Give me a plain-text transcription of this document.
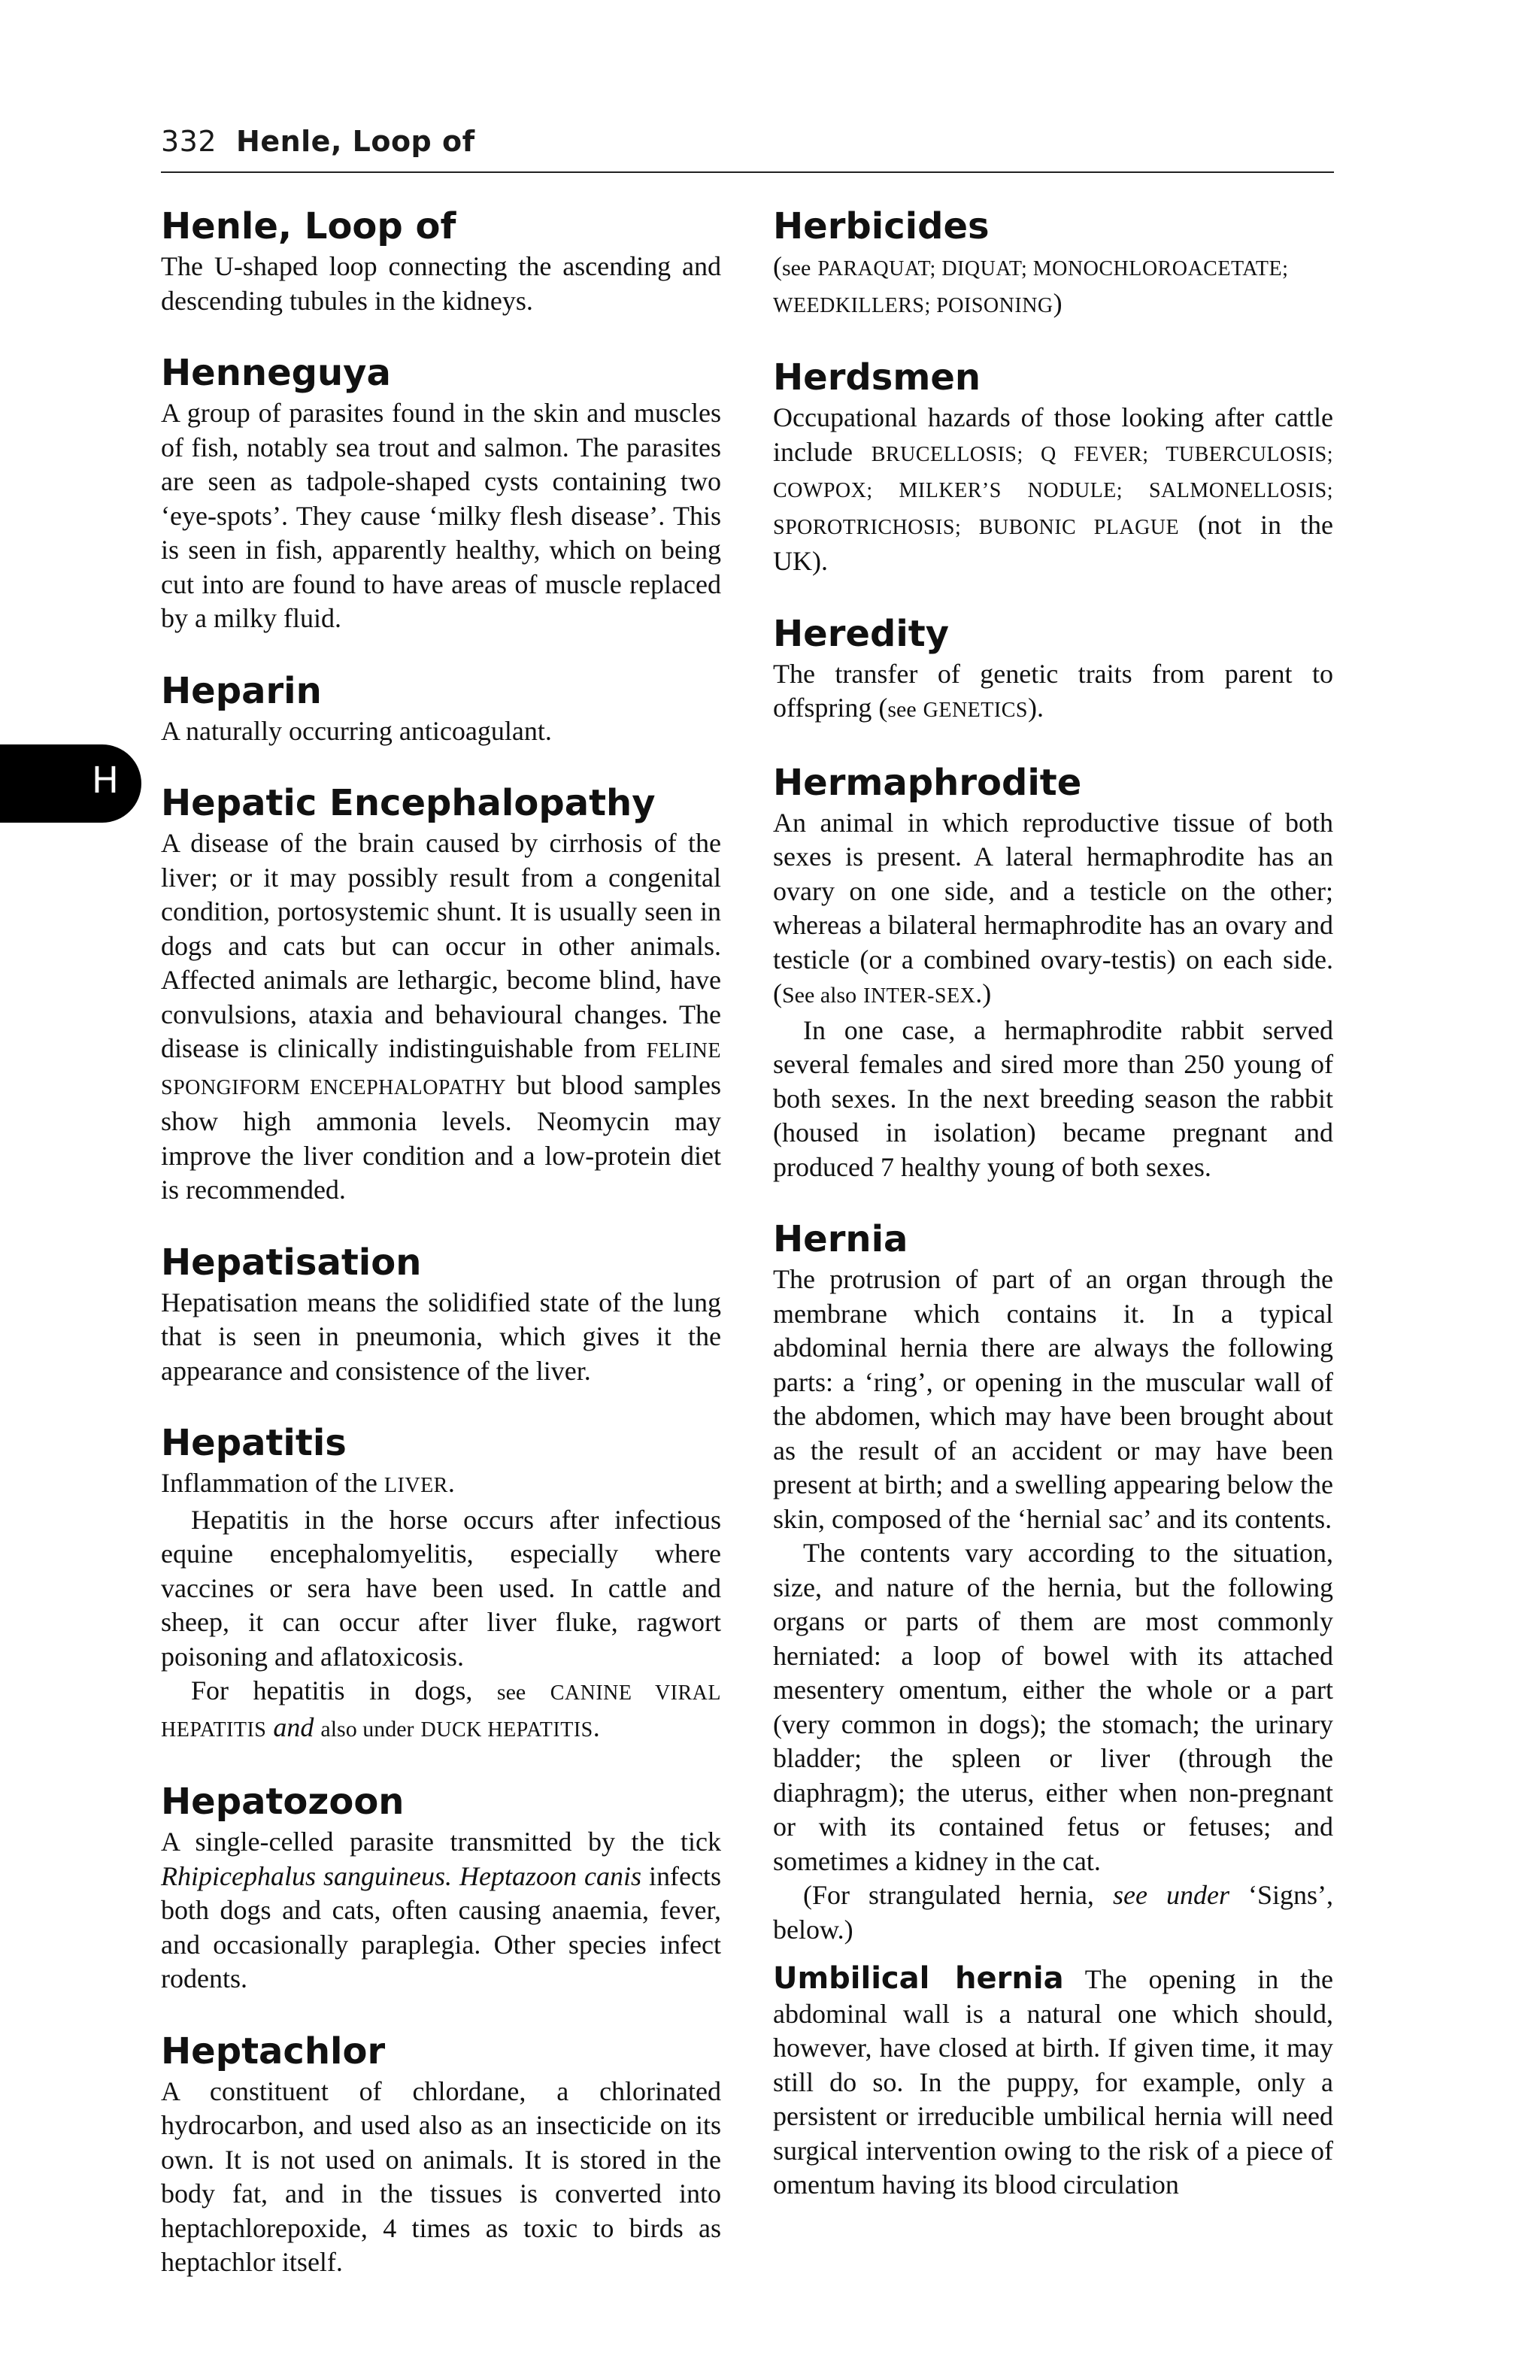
332 Henle, Loop of
H
Henle, Loop of

The U-shaped loop connecting the ascending and descending tubules in the kidneys.

Henneguya

A group of parasites found in the skin and muscles of fish, notably sea trout and salmon. The parasites are seen as tadpole-shaped cysts containing two ‘eye-spots’. They cause ‘milky flesh disease’. This is seen in fish, apparently healthy, which on being cut into are found to have areas of muscle replaced by a milky fluid.

Heparin

A naturally occurring anticoagulant.

Hepatic Encephalopathy

A disease of the brain caused by cirrhosis of the liver; or it may possibly result from a congenital condition, portosystemic shunt. It is usually seen in dogs and cats but can occur in other animals. Affected animals are lethargic, become blind, have convulsions, ataxia and behavioural changes. The disease is clinically indistinguishable from FELINE SPONGIFORM ENCEPHALOPATHY but blood samples show high ammonia levels. Neomycin may improve the liver condition and a low-protein diet is recommended.

Hepatisation

Hepatisation means the solidified state of the lung that is seen in pneumonia, which gives it the appearance and consistence of the liver.

Hepatitis

Inflammation of the LIVER.

Hepatitis in the horse occurs after infectious equine encephalomyelitis, especially where vaccines or sera have been used. In cattle and sheep, it can occur after liver fluke, ragwort poisoning and aflatoxicosis.

For hepatitis in dogs, see CANINE VIRAL HEPATITIS and also under DUCK HEPATITIS.

Hepatozoon

A single-celled parasite transmitted by the tick Rhipicephalus sanguineus. Heptazoon canis infects both dogs and cats, often causing anaemia, fever, and occasionally paraplegia. Other species infect rodents.

Heptachlor

A constituent of chlordane, a chlorinated hydrocarbon, and used also as an insecticide on its own. It is not used on animals. It is stored in the body fat, and in the tissues is converted into heptachlorepoxide, 4 times as toxic to birds as heptachlor itself.

Herbicides

(see PARAQUAT; DIQUAT; MONOCHLOROACETATE; WEEDKILLERS; POISONING)

Herdsmen

Occupational hazards of those looking after cattle include BRUCELLOSIS; Q FEVER; TUBERCULOSIS; COWPOX; MILKER’S NODULE; SALMONELLOSIS; SPOROTRICHOSIS; BUBONIC PLAGUE (not in the UK).

Heredity

The transfer of genetic traits from parent to offspring (see GENETICS).

Hermaphrodite

An animal in which reproductive tissue of both sexes is present. A lateral hermaphrodite has an ovary on one side, and a testicle on the other; whereas a bilateral hermaphrodite has an ovary and testicle (or a combined ovary-testis) on each side. (See also INTER-SEX.)

In one case, a hermaphrodite rabbit served several females and sired more than 250 young of both sexes. In the next breeding season the rabbit (housed in isolation) became pregnant and produced 7 healthy young of both sexes.

Hernia

The protrusion of part of an organ through the membrane which contains it. In a typical abdominal hernia there are always the following parts: a ‘ring’, or opening in the muscular wall of the abdomen, which may have been brought about as the result of an accident or may have been present at birth; and a swelling appearing below the skin, composed of the ‘hernial sac’ and its contents.

The contents vary according to the situation, size, and nature of the hernia, but the following organs or parts of them are most commonly herniated: a loop of bowel with its attached mesentery omentum, either the whole or a part (very common in dogs); the stomach; the urinary bladder; the spleen or liver (through the diaphragm); the uterus, either when non-pregnant or with its contained fetus or fetuses; and sometimes a kidney in the cat.

(For strangulated hernia, see under ‘Signs’, below.)

Umbilical hernia The opening in the abdominal wall is a natural one which should, however, have closed at birth. If given time, it may still do so. In the puppy, for example, only a persistent or irreducible umbilical hernia will need surgical intervention owing to the risk of a piece of omentum having its blood circulation
